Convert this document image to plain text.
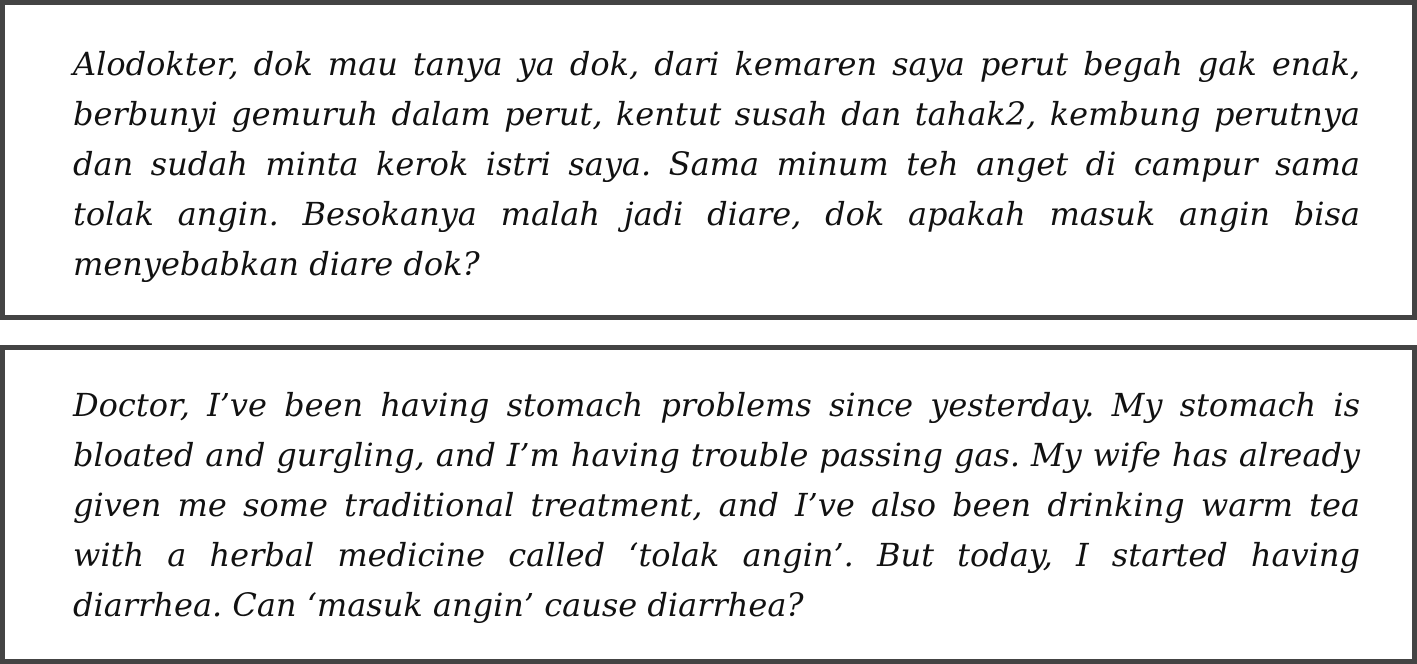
Alodokter, dok mau tanya ya dok, dari kemaren saya perut begah gak enak, berbunyi gemuruh dalam perut, kentut susah dan tahak2, kembung perutnya dan sudah minta kerok istri saya. Sama minum teh anget di campur sama tolak angin. Besokanya malah jadi diare, dok apakah masuk angin bisa menyebabkan diare dok?

Doctor, I’ve been having stomach problems since yesterday. My stomach is bloated and gurgling, and I’m having trouble passing gas. My wife has already given me some traditional treatment, and I’ve also been drinking warm tea with a herbal medicine called ‘tolak angin’. But today, I started having diarrhea. Can ‘masuk angin’ cause diarrhea?
